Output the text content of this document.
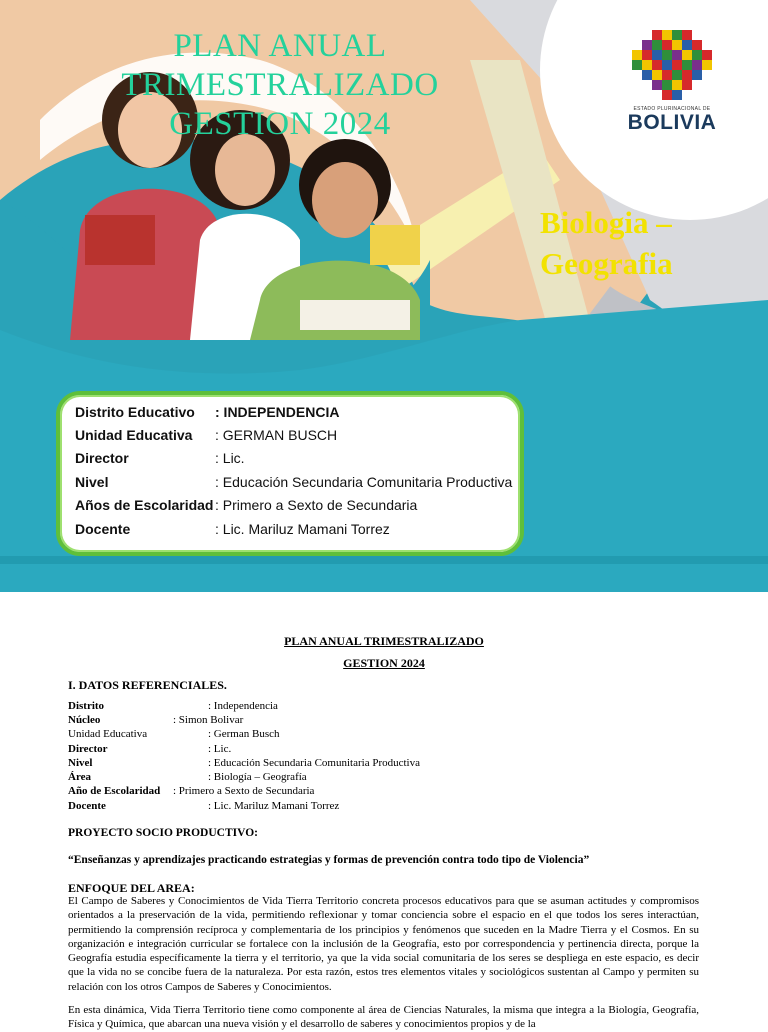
PLAN ANUAL
TRIMESTRALIZADO
GESTION 2024
Biologia –
Geografia
ESTADO PLURINACIONAL DE
BOLIVIA
Distrito Educativo : INDEPENDENCIA
Unidad Educativa : GERMAN BUSCH
Director	: Lic.
Nivel	: Educación Secundaria Comunitaria Productiva
Años de Escolaridad : Primero a Sexto de Secundaria
Docente	: Lic. Mariluz Mamani Torrez
PLAN ANUAL TRIMESTRALIZADO
GESTION 2024
I. DATOS REFERENCIALES.
Distrito	: Independencia
Núcleo	: Simon Bolivar
Unidad Educativa	: German Busch
Director	: Lic.
Nivel	: Educación Secundaria Comunitaria Productiva
Área	: Biología – Geografía
Año de Escolaridad : Primero a Sexto de Secundaria
Docente	: Lic. Mariluz Mamani Torrez
PROYECTO SOCIO PRODUCTIVO:
“Enseñanzas y aprendizajes practicando estrategias y formas de prevención contra todo tipo de Violencia”
ENFOQUE DEL AREA:
El Campo de Saberes y Conocimientos de Vida Tierra Territorio concreta procesos educativos para que se asuman actitudes y compromisos orientados a la preservación de la vida, permitiendo reflexionar y tomar conciencia sobre el espacio en el que todos los seres interactúan, permitiendo la comprensión recíproca y complementaria de los principios y fenómenos que suceden en la Madre Tierra y el Cosmos. En su organización e integración curricular se fortalece con la inclusión de la Geografía, esto por correspondencia y pertinencia directa, porque la Geografía estudia específicamente la tierra y el territorio, ya que la vida social comunitaria de los seres se despliega en este espacio, es decir que la vida no se concibe fuera de la naturaleza. Por esta razón, estos tres elementos vitales y sociológicos sustentan al Campo y permiten su relación con los otros Campos de Saberes y Conocimientos.
En esta dinámica, Vida Tierra Territorio tiene como componente al área de Ciencias Naturales, la misma que integra a la Biología, Geografía, Física y Química, que abarcan una nueva visión y el desarrollo de saberes y conocimientos propios y de la
